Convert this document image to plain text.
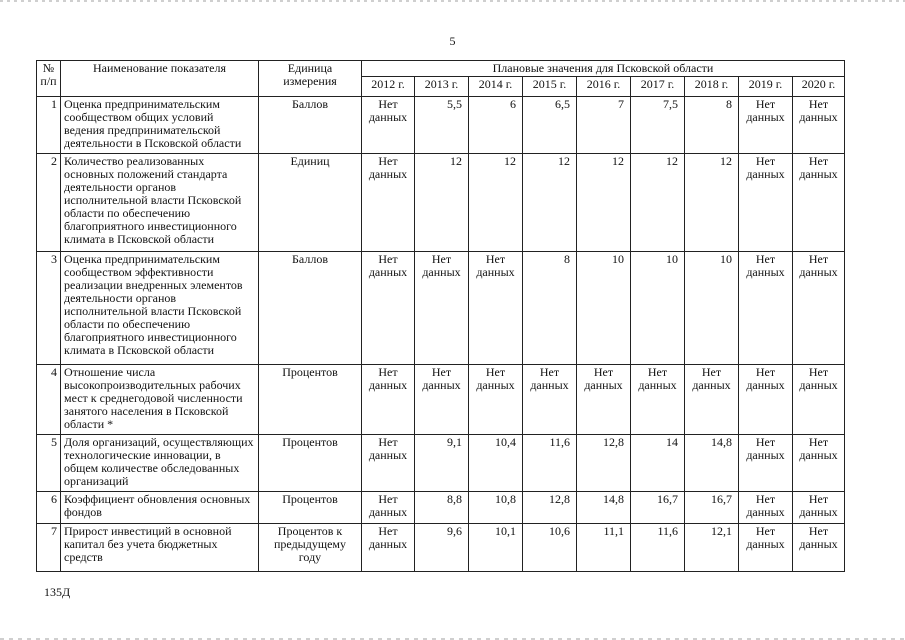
5
№ п/п	Наименование показателя	Единица измерения	Плановые значения для Псковской области								
			2012 г.	2013 г.	2014 г.	2015 г.	2016 г.	2017 г.	2018 г.	2019 г.	2020 г.
1	Оценка предпринимательским сообществом общих условий ведения предпринимательской деятельности в Псковской области	Баллов	Нет данных	5,5	6	6,5	7	7,5	8	Нет данных	Нет данных
2	Количество реализованных основных положений стандарта деятельности органов исполнительной власти Псковской области по обеспечению благоприятного инвестиционного климата в Псковской области	Единиц	Нет данных	12	12	12	12	12	12	Нет данных	Нет данных
3	Оценка предпринимательским сообществом эффективности реализации внедренных элементов деятельности органов исполнительной власти Псковской области по обеспечению благоприятного инвестиционного климата в Псковской области	Баллов	Нет данных	Нет данных	Нет данных	8	10	10	10	Нет данных	Нет данных
4	Отношение числа высокопроизводительных рабочих мест к среднегодовой численности занятого населения в Псковской области *	Процентов	Нет данных	Нет данных	Нет данных	Нет данных	Нет данных	Нет данных	Нет данных	Нет данных	Нет данных
5	Доля организаций, осуществляющих технологические инновации, в общем количестве обследованных организаций	Процентов	Нет данных	9,1	10,4	11,6	12,8	14	14,8	Нет данных	Нет данных
6	Коэффициент обновления основных фондов	Процентов	Нет данных	8,8	10,8	12,8	14,8	16,7	16,7	Нет данных	Нет данных
7	Прирост инвестиций в основной капитал без учета бюджетных средств	Процентов к предыдущему году	Нет данных	9,6	10,1	10,6	11,1	11,6	12,1	Нет данных	Нет данных
135Д
